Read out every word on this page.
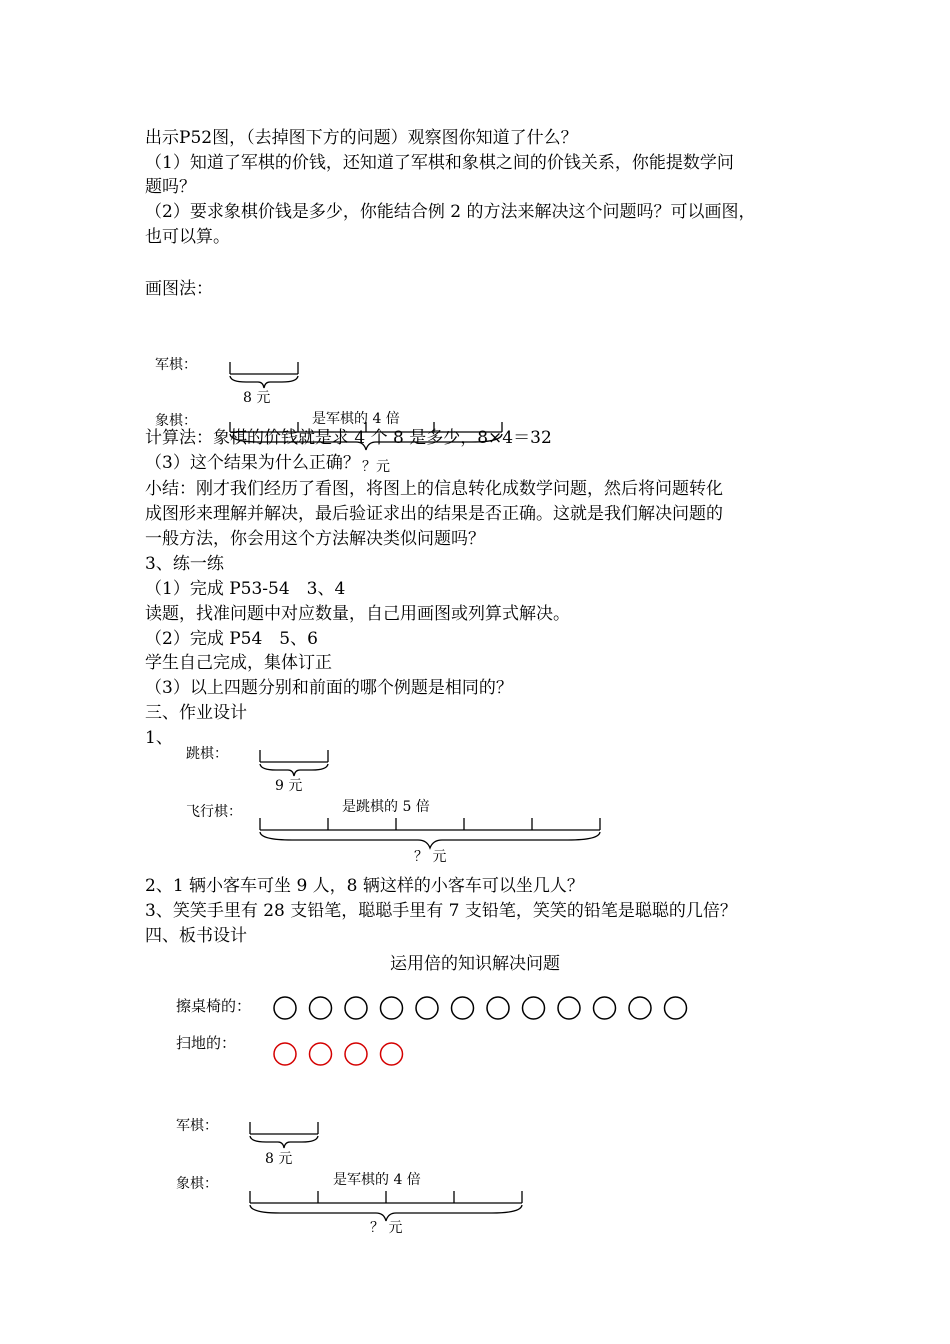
出示P52图，（去掉图下方的问题）观察图你知道了什么？
（1）知道了军棋的价钱，还知道了军棋和象棋之间的价钱关系，你能提数学问
题吗？
（2）要求象棋价钱是多少，你能结合例 2 的方法来解决这个问题吗？可以画图，
也可以算。
画图法：
军棋：
8 元
象棋：	是军棋的 4 倍
？元
计算法：象棋的价钱就是求 4 个 8 是多少，8×4＝32
（3）这个结果为什么正确？
小结：刚才我们经历了看图，将图上的信息转化成数学问题，然后将问题转化
成图形来理解并解决，最后验证求出的结果是否正确。这就是我们解决问题的
一般方法，你会用这个方法解决类似问题吗？
3、练一练
（1）完成 P53-54　3、4
读题，找准问题中对应数量，自己用画图或列算式解决。
（2）完成 P54　5、6
学生自己完成，集体订正
（3）以上四题分别和前面的哪个例题是相同的？
三、作业设计
1、
跳棋：
9 元
飞行棋：	是跳棋的 5 倍
？ 元
2、1 辆小客车可坐 9 人，8 辆这样的小客车可以坐几人？
3、笑笑手里有 28 支铅笔，聪聪手里有 7 支铅笔，笑笑的铅笔是聪聪的几倍？
四、板书设计
运用倍的知识解决问题
擦桌椅的：
扫地的：
军棋：
8 元
象棋：	是军棋的 4 倍
？ 元
